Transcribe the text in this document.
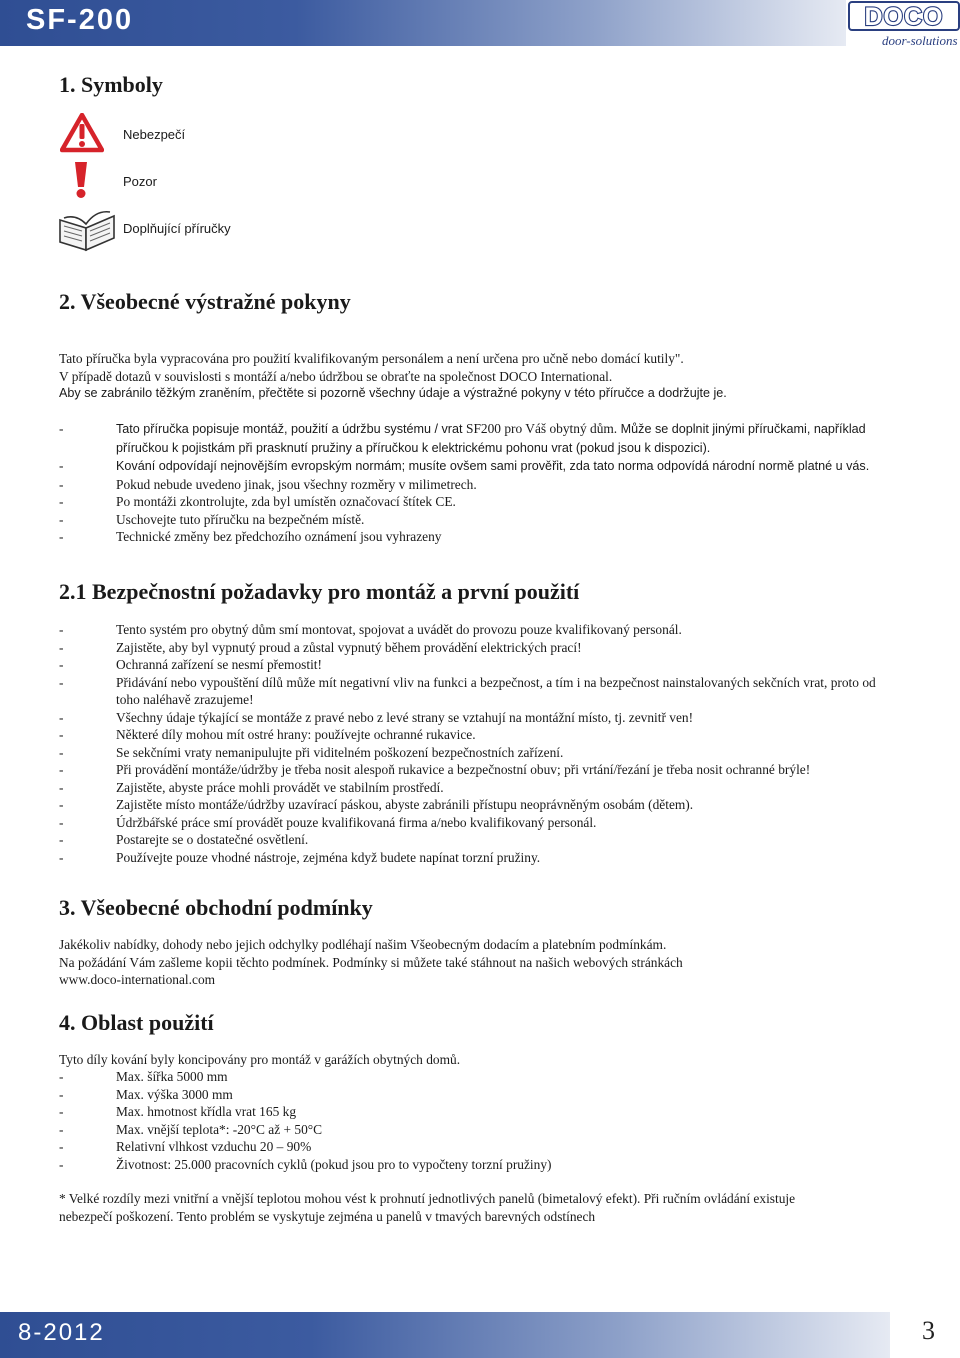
SF-200	DOCO
door-solutions
1. Symboly
Nebezpečí
Pozor
Doplňující příručky
2. Všeobecné výstražné pokyny

Tato příručka byla vypracována pro použití kvalifikovaným personálem a není určena pro učně nebo domácí kutily".

V případě dotazů v souvislosti s montáží a/nebo údržbou se obraťte na společnost DOCO International.

Aby se zabránilo těžkým zraněním, přečtěte si pozorně všechny údaje a výstražné pokyny v této příručce a dodržujte je.

- Tato příručka popisuje montáž, použití a údržbu systému / vrat SF200 pro Váš obytný dům. Může se doplnit jinými příručkami, například příručkou k pojistkám při prasknutí pružiny a příručkou k elektrickému pohonu vrat (pokud jsou k dispozici).
- Kování odpovídají nejnovějším evropským normám; musíte ovšem sami prověřit, zda tato norma odpovídá národní normě platné u vás.
- Pokud nebude uvedeno jinak, jsou všechny rozměry v milimetrech.
- Po montáži zkontrolujte, zda byl umístěn označovací štítek CE.
- Uschovejte tuto příručku na bezpečném místě.
- Technické změny bez předchozího oznámení jsou vyhrazeny
2.1 Bezpečnostní požadavky pro montáž a první použití
- Tento systém pro obytný dům smí montovat, spojovat a uvádět do provozu pouze kvalifikovaný personál.
- Zajistěte, aby byl vypnutý proud a zůstal vypnutý během provádění elektrických prací!
- Ochranná zařízení se nesmí přemostit!
- Přidávání nebo vypouštění dílů může mít negativní vliv na funkci a bezpečnost, a tím i na bezpečnost nainstalovaných sekčních vrat, proto od toho naléhavě zrazujeme!
- Všechny údaje týkající se montáže z pravé nebo z levé strany se vztahují na montážní místo, tj. zevnitř ven!
- Některé díly mohou mít ostré hrany: používejte ochranné rukavice.
- Se sekčními vraty nemanipulujte při viditelném poškození bezpečnostních zařízení.
- Při provádění montáže/údržby je třeba nosit alespoň rukavice a bezpečnostní obuv; při vrtání/řezání je třeba nosit ochranné brýle!
- Zajistěte, abyste práce mohli provádět ve stabilním prostředí.
- Zajistěte místo montáže/údržby uzavírací páskou, abyste zabránili přístupu neoprávněným osobám (dětem).
- Údržbářské práce smí provádět pouze kvalifikovaná firma a/nebo kvalifikovaný personál.
- Postarejte se o dostatečné osvětlení.
- Používejte pouze vhodné nástroje, zejména když budete napínat torzní pružiny.
3. Všeobecné obchodní podmínky

Jakékoliv nabídky, dohody nebo jejich odchylky podléhají našim Všeobecným dodacím a platebním podmínkám.

Na požádání Vám zašleme kopii těchto podmínek. Podmínky si můžete také stáhnout na našich webových stránkách

www.doco-international.com

4. Oblast použití

Tyto díly kování byly koncipovány pro montáž v garážích obytných domů.

- Max. šířka 5000 mm
- Max. výška 3000 mm
- Max. hmotnost křídla vrat 165 kg
- Max. vnější teplota*: -20°C až + 50°C
- Relativní vlhkost vzduchu 20 – 90%
- Životnost: 25.000 pracovních cyklů (pokud jsou pro to vypočteny torzní pružiny)

* Velké rozdíly mezi vnitřní a vnější teplotou mohou vést k prohnutí jednotlivých panelů (bimetalový efekt). Při ručním ovládání existuje

nebezpečí poškození. Tento problém se vyskytuje zejména u panelů v tmavých barevných odstínech

8-2012	3
